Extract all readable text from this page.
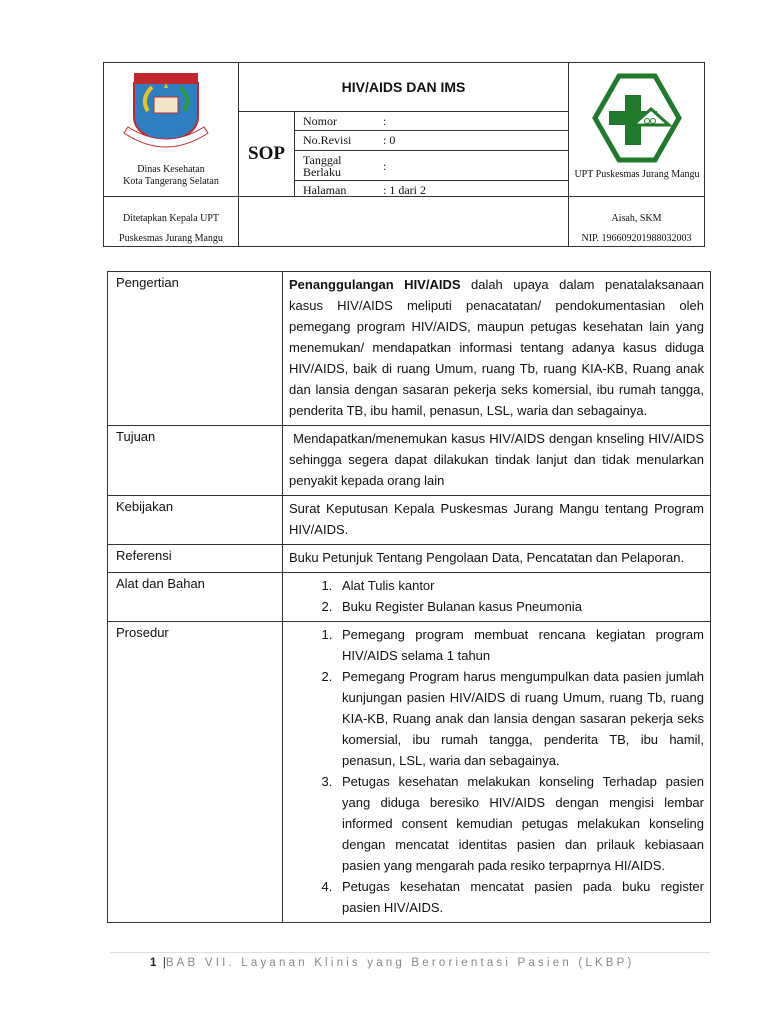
Dinas Kesehatan
Kota Tangerang Selatan
HIV/AIDS DAN IMS
SOP
Nomor	:
No.Revisi	: 0
Tanggal Berlaku	:
Halaman	: 1 dari 2
UPT Puskesmas Jurang Mangu
Ditetapkan Kepala UPT
Puskesmas Jurang Mangu
Aisah, SKM
NIP. 196609201988032003
Pengertian	Penanggulangan HIV/AIDS dalah upaya dalam penatalaksanaan kasus HIV/AIDS meliputi penacatatan/ pendokumentasian oleh pemegang program HIV/AIDS, maupun petugas kesehatan lain yang menemukan/ mendapatkan informasi tentang adanya kasus diduga HIV/AIDS, baik di ruang Umum, ruang Tb, ruang KIA-KB, Ruang anak dan lansia dengan sasaran pekerja seks komersial, ibu rumah tangga, penderita TB, ibu hamil, penasun, LSL, waria dan sebagainya.
Tujuan	Mendapatkan/menemukan kasus HIV/AIDS dengan knseling HIV/AIDS sehingga segera dapat dilakukan tindak lanjut dan tidak menularkan penyakit kepada orang lain
Kebijakan	Surat Keputusan Kepala Puskesmas Jurang Mangu tentang Program HIV/AIDS.
Referensi	Buku Petunjuk Tentang Pengolaan Data, Pencatatan dan Pelaporan.
Alat dan Bahan	1. Alat Tulis kantor
2. Buku Register Bulanan kasus Pneumonia
Prosedur	1. Pemegang program membuat rencana kegiatan program HIV/AIDS selama 1 tahun
2. Pemegang Program harus mengumpulkan data pasien jumlah kunjungan pasien HIV/AIDS di ruang Umum, ruang Tb, ruang KIA-KB, Ruang anak dan lansia dengan sasaran pekerja seks komersial, ibu rumah tangga, penderita TB, ibu hamil, penasun, LSL, waria dan sebagainya.
3. Petugas kesehatan melakukan konseling Terhadap pasien yang diduga beresiko HIV/AIDS dengan mengisi lembar informed consent kemudian petugas melakukan konseling dengan mencatat identitas pasien dan prilauk kebiasaan pasien yang mengarah pada resiko terpaprnya HI/AIDS.
4. Petugas kesehatan mencatat pasien pada buku register pasien HIV/AIDS.
1 |BAB VII. Layanan Klinis yang Berorientasi Pasien (LKBP)
